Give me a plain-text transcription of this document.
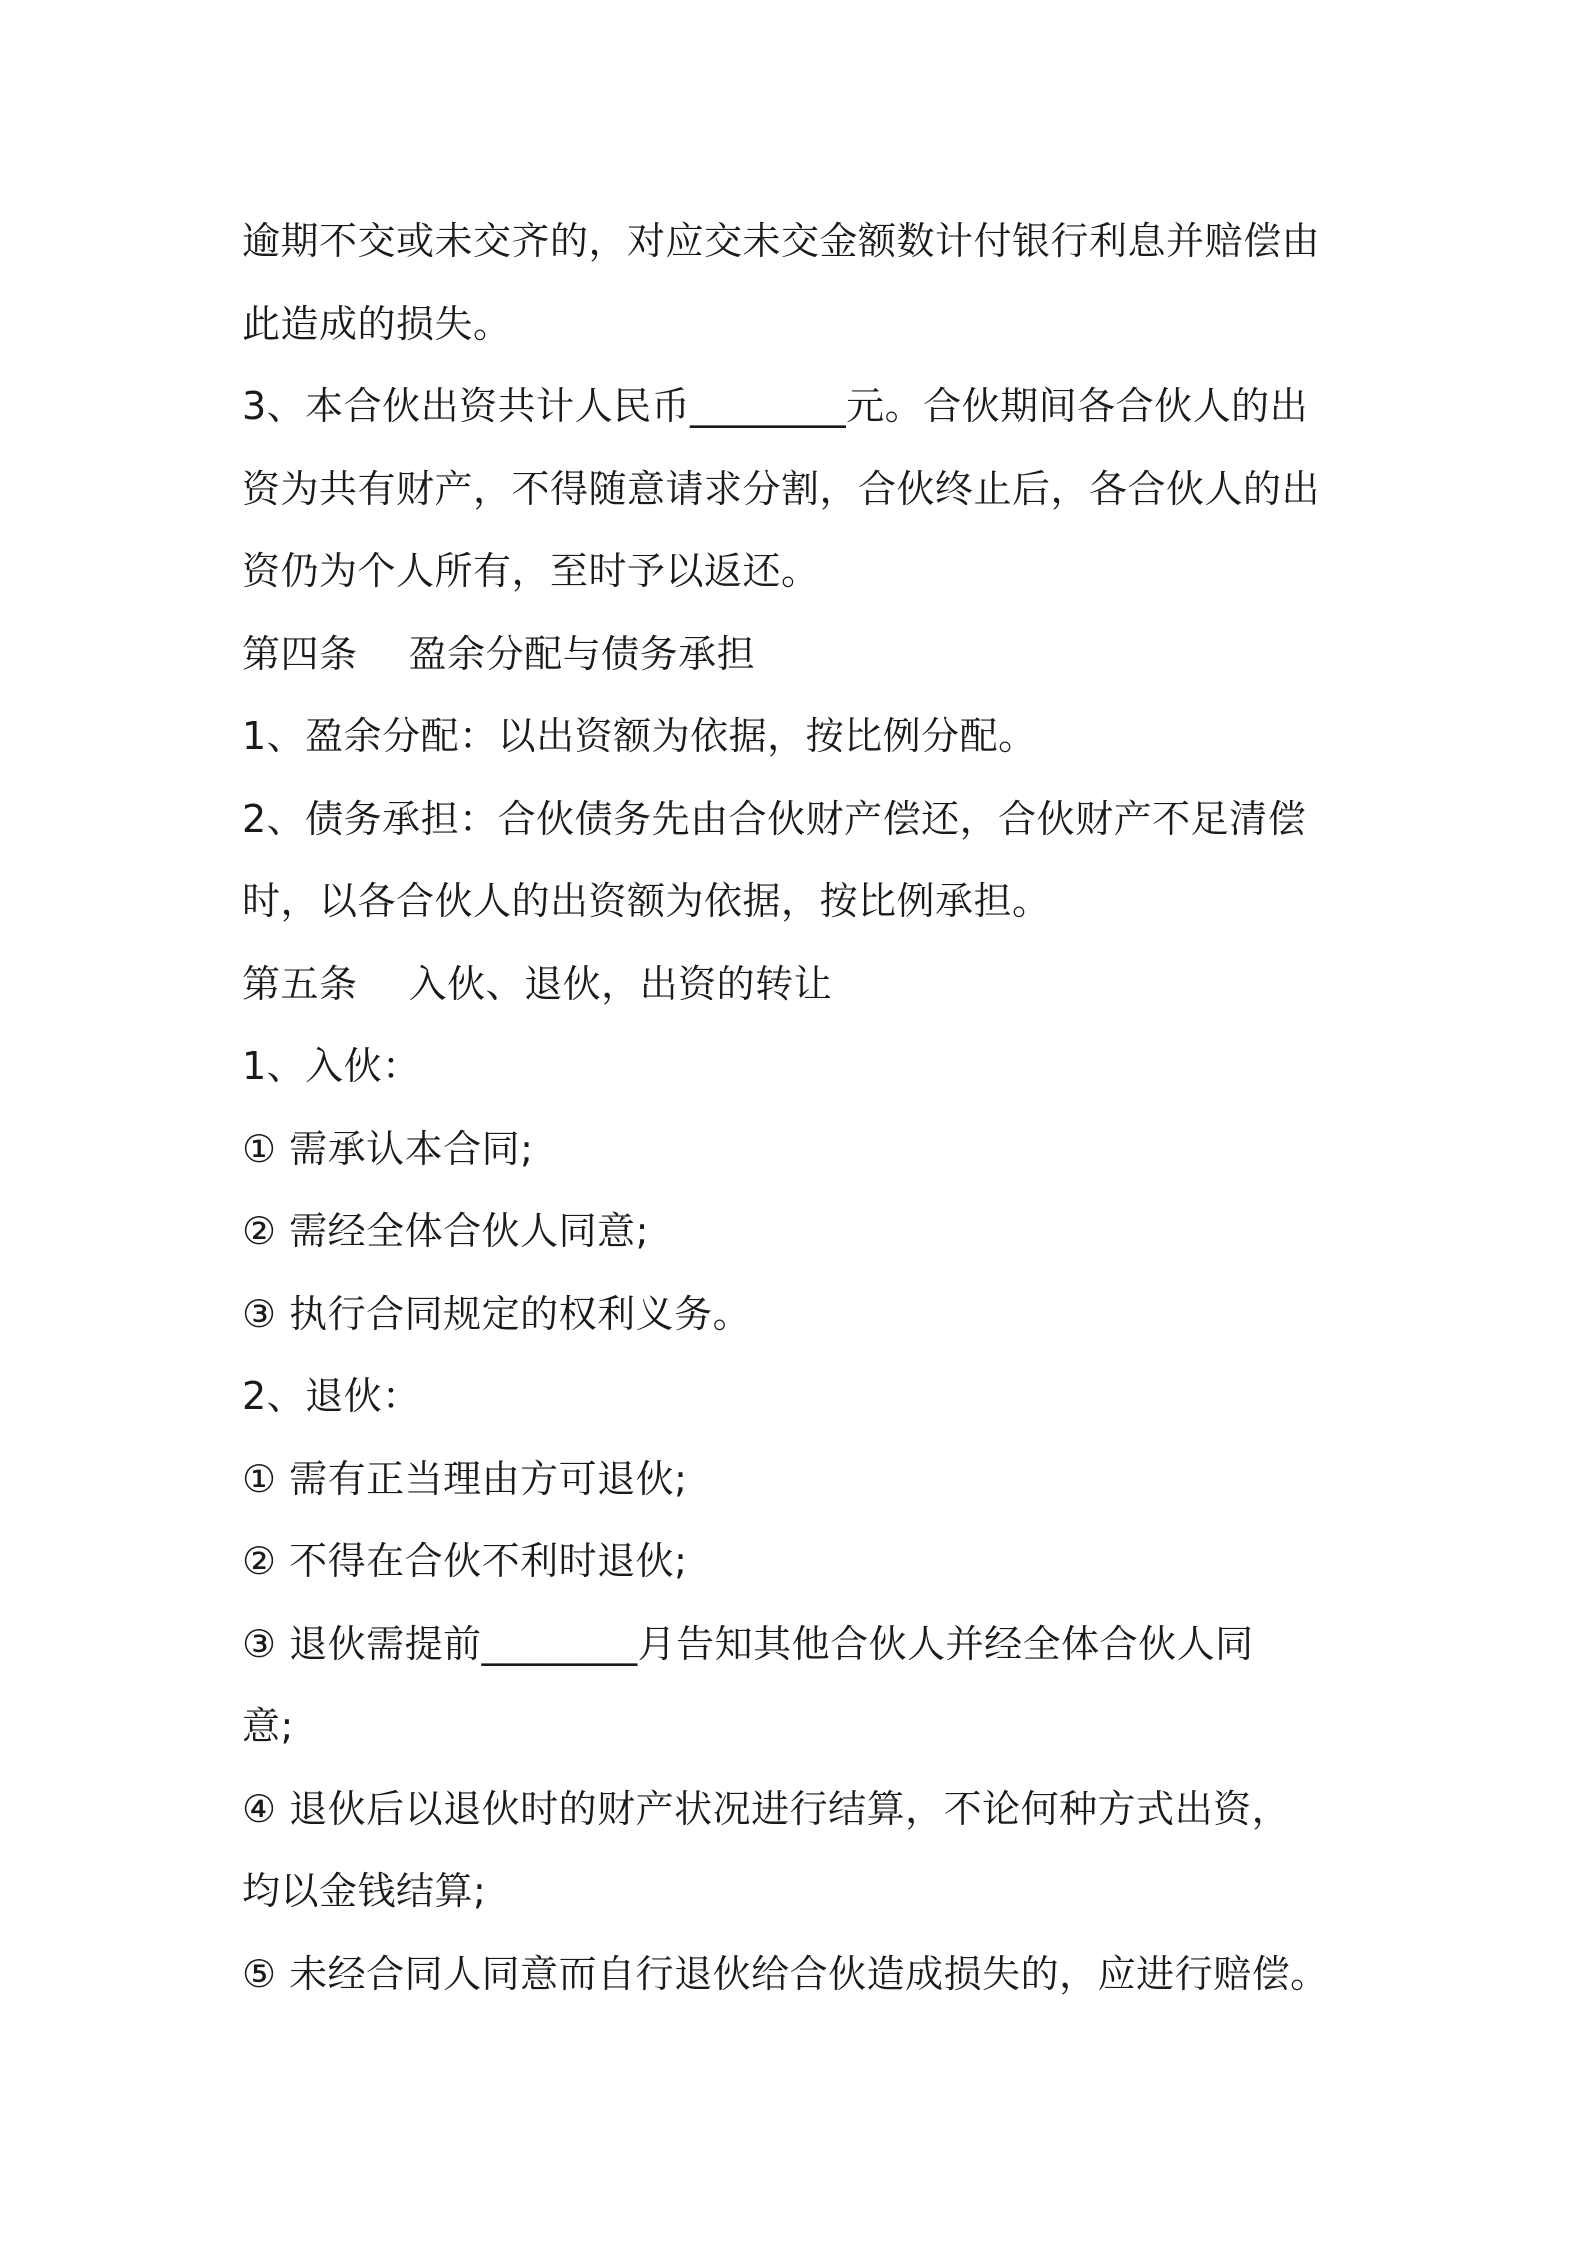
逾期不交或未交齐的，对应交未交金额数计付银行利息并赔偿由
此造成的损失。
3、本合伙出资共计人民币________元。合伙期间各合伙人的出
资为共有财产，不得随意请求分割，合伙终止后，各合伙人的出
资仍为个人所有，至时予以返还。
第四条　 盈余分配与债务承担
1、盈余分配：以出资额为依据，按比例分配。
2、债务承担：合伙债务先由合伙财产偿还，合伙财产不足清偿
时，以各合伙人的出资额为依据，按比例承担。
第五条　 入伙、退伙，出资的转让
1、入伙：
① 需承认本合同;
② 需经全体合伙人同意;
③ 执行合同规定的权利义务。
2、退伙：
① 需有正当理由方可退伙;
② 不得在合伙不利时退伙;
③ 退伙需提前________月告知其他合伙人并经全体合伙人同
意;
④ 退伙后以退伙时的财产状况进行结算，不论何种方式出资，
均以金钱结算;
⑤ 未经合同人同意而自行退伙给合伙造成损失的，应进行赔偿。
